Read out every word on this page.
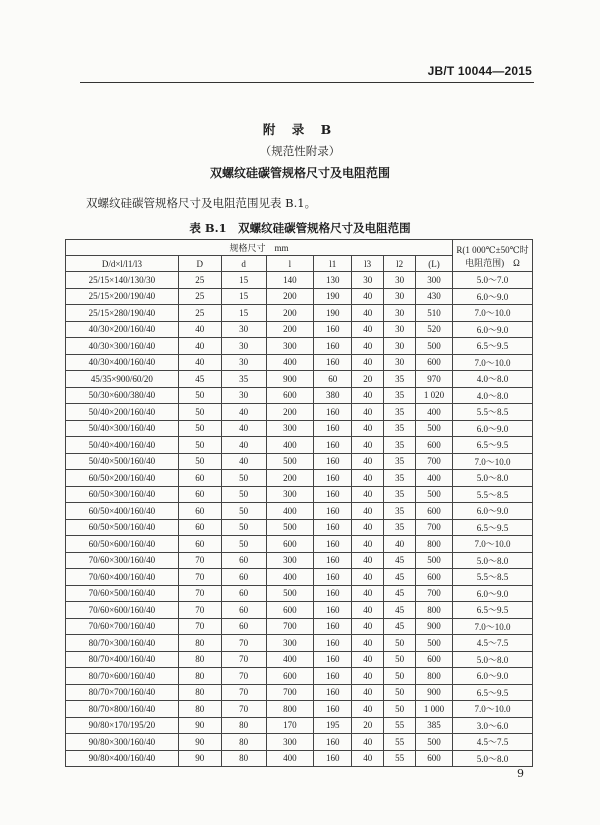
JB/T 10044—2015
附 录 B
（规范性附录）
双螺纹硅碳管规格尺寸及电阻范围
双螺纹硅碳管规格尺寸及电阻范围见表 B.1。
表 B.1　双螺纹硅碳管规格尺寸及电阻范围
规格尺寸　mm								R(1 000℃±50℃时
电阻范围)　Ω

D/d×l/l1/l3	D	d	l	l1	l3	l2	(L)	
25/15×140/130/30	25	15	140	130	30	30	300	5.0～7.0
25/15×200/190/40	25	15	200	190	40	30	430	6.0～9.0
25/15×280/190/40	25	15	200	190	40	30	510	7.0～10.0
40/30×200/160/40	40	30	200	160	40	30	520	6.0～9.0
40/30×300/160/40	40	30	300	160	40	30	500	6.5～9.5
40/30×400/160/40	40	30	400	160	40	30	600	7.0～10.0
45/35×900/60/20	45	35	900	60	20	35	970	4.0～8.0
50/30×600/380/40	50	30	600	380	40	35	1 020	4.0～8.0
50/40×200/160/40	50	40	200	160	40	35	400	5.5～8.5
50/40×300/160/40	50	40	300	160	40	35	500	6.0～9.0
50/40×400/160/40	50	40	400	160	40	35	600	6.5～9.5
50/40×500/160/40	50	40	500	160	40	35	700	7.0～10.0
60/50×200/160/40	60	50	200	160	40	35	400	5.0～8.0
60/50×300/160/40	60	50	300	160	40	35	500	5.5～8.5
60/50×400/160/40	60	50	400	160	40	35	600	6.0～9.0
60/50×500/160/40	60	50	500	160	40	35	700	6.5～9.5
60/50×600/160/40	60	50	600	160	40	40	800	7.0～10.0
70/60×300/160/40	70	60	300	160	40	45	500	5.0～8.0
70/60×400/160/40	70	60	400	160	40	45	600	5.5～8.5
70/60×500/160/40	70	60	500	160	40	45	700	6.0～9.0
70/60×600/160/40	70	60	600	160	40	45	800	6.5～9.5
70/60×700/160/40	70	60	700	160	40	45	900	7.0～10.0
80/70×300/160/40	80	70	300	160	40	50	500	4.5～7.5
80/70×400/160/40	80	70	400	160	40	50	600	5.0～8.0
80/70×600/160/40	80	70	600	160	40	50	800	6.0～9.0
80/70×700/160/40	80	70	700	160	40	50	900	6.5～9.5
80/70×800/160/40	80	70	800	160	40	50	1 000	7.0～10.0
90/80×170/195/20	90	80	170	195	20	55	385	3.0～6.0
90/80×300/160/40	90	80	300	160	40	55	500	4.5～7.5
90/80×400/160/40	90	80	400	160	40	55	600	5.0～8.0
9
